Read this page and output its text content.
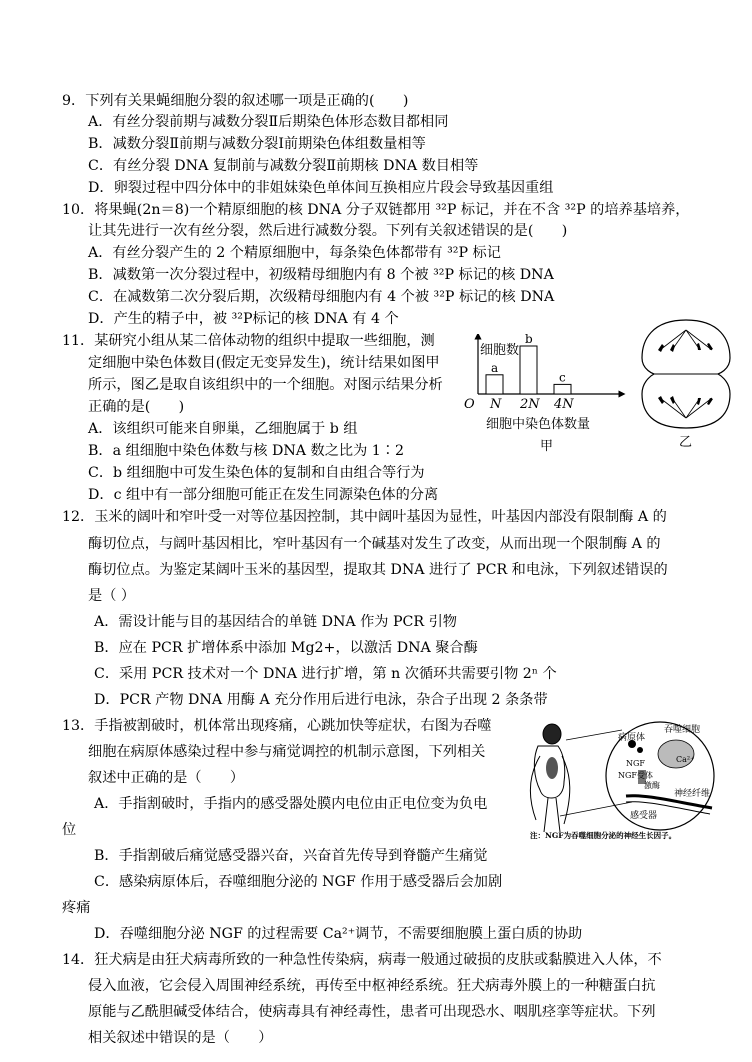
9．下列有关果蝇细胞分裂的叙述哪一项是正确的(　　)
A．有丝分裂前期与减数分裂Ⅱ后期染色体形态数目都相同
B．减数分裂Ⅱ前期与减数分裂Ⅰ前期染色体组数量相等
C．有丝分裂 DNA 复制前与减数分裂Ⅱ前期核 DNA 数目相等
D．卵裂过程中四分体中的非姐妹染色单体间互换相应片段会导致基因重组
10．将果蝇(2n＝8)一个精原细胞的核 DNA 分子双链都用 ³²P 标记，并在不含 ³²P 的培养基培养，
让其先进行一次有丝分裂，然后进行减数分裂。下列有关叙述错误的是(　　)
A．有丝分裂产生的 2 个精原细胞中，每条染色体都带有 ³²P 标记
B．减数第一次分裂过程中，初级精母细胞内有 8 个被 ³²P 标记的核 DNA
C．在减数第二次分裂后期，次级精母细胞内有 4 个被 ³²P 标记的核 DNA
D．产生的精子中，被 ³²P标记的核 DNA 有 4 个
11．某研究小组从某二倍体动物的组织中提取一些细胞，测
定细胞中染色体数目(假定无变异发生)，统计结果如图甲
所示，图乙是取自该组织中的一个细胞。对图示结果分析
正确的是(　　)
A．该组织可能来自卵巢，乙细胞属于 b 组
B．a 组细胞中染色体数与核 DNA 数之比为 1∶2
C．b 组细胞中可发生染色体的复制和自由组合等行为
D．c 组中有一部分细胞可能正在发生同源染色体的分离
细胞数
O
a
N
b
2N
c
4N
细胞中染色体数量
甲	乙
12．玉米的阔叶和窄叶受一对等位基因控制，其中阔叶基因为显性，叶基因内部没有限制酶 A 的
酶切位点，与阔叶基因相比，窄叶基因有一个碱基对发生了改变，从而出现一个限制酶 A 的
酶切位点。为鉴定某阔叶玉米的基因型，提取其 DNA 进行了 PCR 和电泳，下列叙述错误的
是（ ）
A．需设计能与目的基因结合的单链 DNA 作为 PCR 引物
B．应在 PCR 扩增体系中添加 Mg2+，以激活 DNA 聚合酶
C．采用 PCR 技术对一个 DNA 进行扩增，第 n 次循环共需要引物 2ⁿ 个
D．PCR 产物 DNA 用酶 A 充分作用后进行电泳，杂合子出现 2 条条带
13．手指被割破时，机体常出现疼痛，心跳加快等症状，右图为吞噬
细胞在病原体感染过程中参与痛觉调控的机制示意图，下列相关
叙述中正确的是（　　）
A．手指割破时，手指内的感受器处膜内电位由正电位变为负电
位
B．手指割破后痛觉感受器兴奋，兴奋首先传导到脊髓产生痛觉
C．感染病原体后，吞噬细胞分泌的 NGF 作用于感受器后会加剧
疼痛
D．吞噬细胞分泌 NGF 的过程需要 Ca²⁺调节，不需要细胞膜上蛋白质的协助
吞噬细胞
病原体
NGF
NGF受体
激酶
Ca²⁺
神经纤维
感受器
注：NGF为吞噬细胞分泌的神经生长因子。
14．狂犬病是由狂犬病毒所致的一种急性传染病，病毒一般通过破损的皮肤或黏膜进入人体，不
侵入血液，它会侵入周围神经系统，再传至中枢神经系统。狂犬病毒外膜上的一种糖蛋白抗
原能与乙酰胆碱受体结合，使病毒具有神经毒性，患者可出现恐水、咽肌痉挛等症状。下列
相关叙述中错误的是（　　）
